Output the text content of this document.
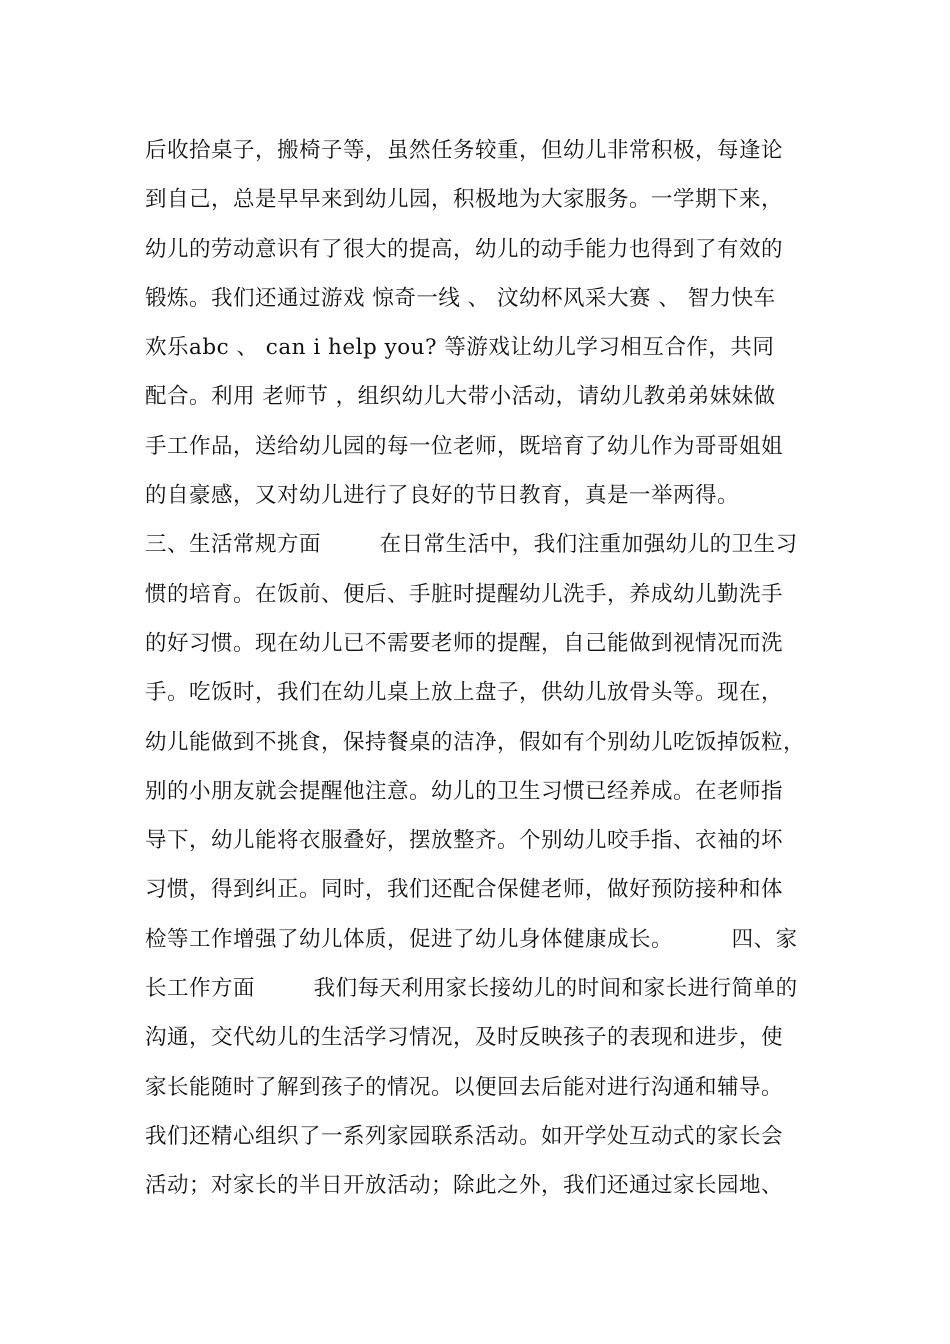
后收拾桌子，搬椅子等，虽然任务较重，但幼儿非常积极，每逢论
到自己，总是早早来到幼儿园，积极地为大家服务。一学期下来，
幼儿的劳动意识有了很大的提高，幼儿的动手能力也得到了有效的
锻炼。我们还通过游戏 惊奇一线 、 汶幼杯风采大赛 、 智力快车
欢乐abc 、 can i help you? 等游戏让幼儿学习相互合作，共同
配合。利用 老师节 ，组织幼儿大带小活动，请幼儿教弟弟妹妹做
手工作品，送给幼儿园的每一位老师，既培育了幼儿作为哥哥姐姐
的自豪感，又对幼儿进行了良好的节日教育，真是一举两得。
三、生活常规方面        在日常生活中，我们注重加强幼儿的卫生习
惯的培育。在饭前、便后、手脏时提醒幼儿洗手，养成幼儿勤洗手
的好习惯。现在幼儿已不需要老师的提醒，自己能做到视情况而洗
手。吃饭时，我们在幼儿桌上放上盘子，供幼儿放骨头等。现在，
幼儿能做到不挑食，保持餐桌的洁净，假如有个别幼儿吃饭掉饭粒，
别的小朋友就会提醒他注意。幼儿的卫生习惯已经养成。在老师指
导下，幼儿能将衣服叠好，摆放整齐。个别幼儿咬手指、衣袖的坏
习惯，得到纠正。同时，我们还配合保健老师，做好预防接种和体
检等工作增强了幼儿体质，促进了幼儿身体健康成长。        四、家
长工作方面        我们每天利用家长接幼儿的时间和家长进行简单的
沟通，交代幼儿的生活学习情况，及时反映孩子的表现和进步，使
家长能随时了解到孩子的情况。以便回去后能对进行沟通和辅导。
我们还精心组织了一系列家园联系活动。如开学处互动式的家长会
活动；对家长的半日开放活动；除此之外，我们还通过家长园地、
